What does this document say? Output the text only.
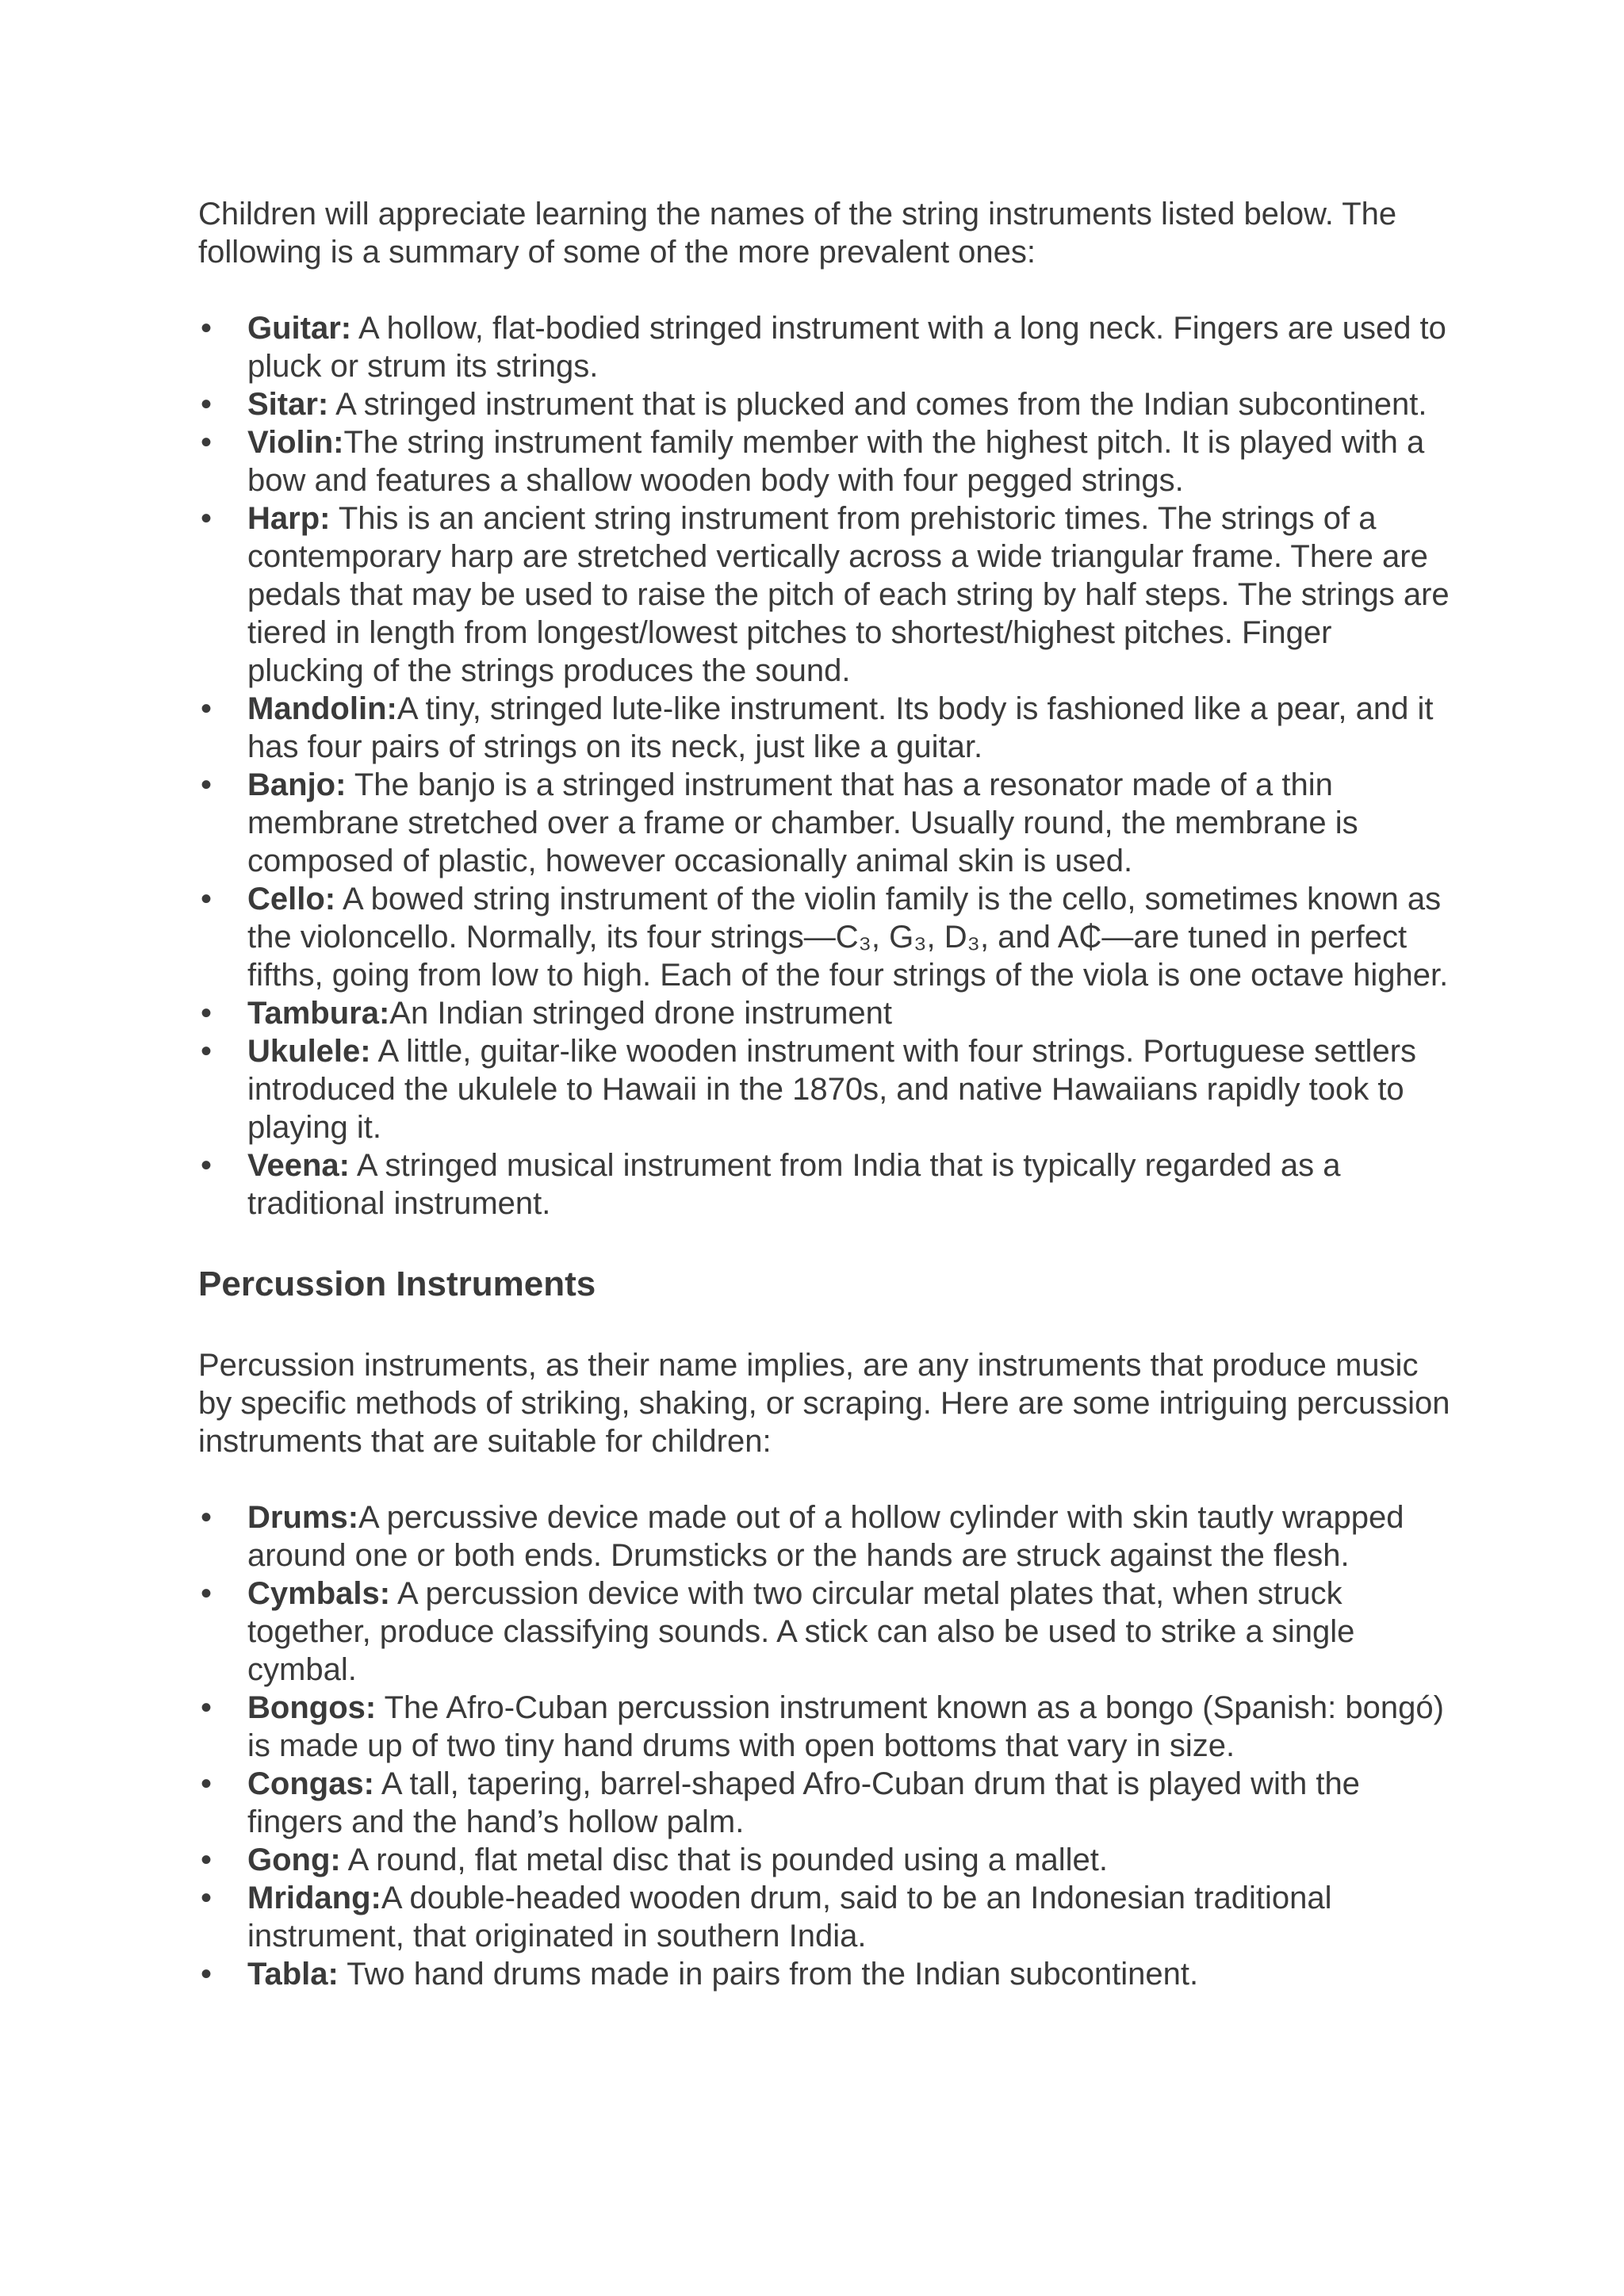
Children will appreciate learning the names of the string instruments listed below. The following is a summary of some of the more prevalent ones:

• Guitar: A hollow, flat-bodied stringed instrument with a long neck. Fingers are used to pluck or strum its strings.
• Sitar: A stringed instrument that is plucked and comes from the Indian subcontinent.
• Violin:The string instrument family member with the highest pitch. It is played with a bow and features a shallow wooden body with four pegged strings.
• Harp: This is an ancient string instrument from prehistoric times. The strings of a contemporary harp are stretched vertically across a wide triangular frame. There are pedals that may be used to raise the pitch of each string by half steps. The strings are tiered in length from longest/lowest pitches to shortest/highest pitches. Finger plucking of the strings produces the sound.
• Mandolin:A tiny, stringed lute-like instrument. Its body is fashioned like a pear, and it has four pairs of strings on its neck, just like a guitar.
• Banjo: The banjo is a stringed instrument that has a resonator made of a thin membrane stretched over a frame or chamber. Usually round, the membrane is composed of plastic, however occasionally animal skin is used.
• Cello: A bowed string instrument of the violin family is the cello, sometimes known as the violoncello. Normally, its four strings—C₃, G₃, D₃, and A₵—are tuned in perfect fifths, going from low to high. Each of the four strings of the viola is one octave higher.
• Tambura:An Indian stringed drone instrument
• Ukulele: A little, guitar-like wooden instrument with four strings. Portuguese settlers introduced the ukulele to Hawaii in the 1870s, and native Hawaiians rapidly took to playing it.
• Veena: A stringed musical instrument from India that is typically regarded as a traditional instrument.
Percussion Instruments

Percussion instruments, as their name implies, are any instruments that produce music by specific methods of striking, shaking, or scraping. Here are some intriguing percussion instruments that are suitable for children:

• Drums:A percussive device made out of a hollow cylinder with skin tautly wrapped around one or both ends. Drumsticks or the hands are struck against the flesh.
• Cymbals: A percussion device with two circular metal plates that, when struck together, produce classifying sounds. A stick can also be used to strike a single cymbal.
• Bongos: The Afro-Cuban percussion instrument known as a bongo (Spanish: bongó) is made up of two tiny hand drums with open bottoms that vary in size.
• Congas: A tall, tapering, barrel-shaped Afro-Cuban drum that is played with the fingers and the hand’s hollow palm.
• Gong: A round, flat metal disc that is pounded using a mallet.
• Mridang:A double-headed wooden drum, said to be an Indonesian traditional instrument, that originated in southern India.
• Tabla: Two hand drums made in pairs from the Indian subcontinent.
